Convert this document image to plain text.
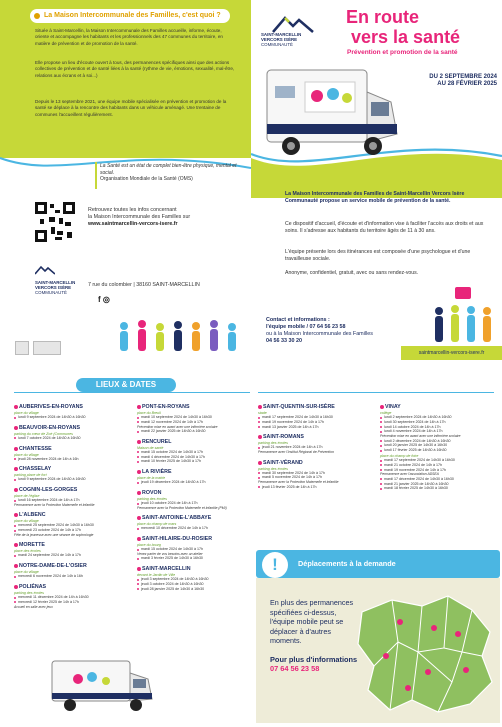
La Maison Intercommunale des Familles, c'est quoi ?
Située à Saint-Marcellin, la Maison Intercommunale des Familles accueille, informe, écoute, oriente et accompagne les habitants et les professionnels des 47 communes du territoire, en matière de prévention et de promotion de la santé.
Elle propose un lieu d'écoute ouvert à tous, des permanences spécifiques ainsi que des actions collectives de prévention et de santé liées à la santé (rythme de vie, émotions, sexualité, mal-être, relations aux écrans et à soi...)
Depuis le 13 septembre 2021, une équipe mobile spécialisée en prévention et promotion de la santé se déplace à la rencontre des habitants dans un véhicule aménagé. Une trentaine de communes l'accueillent régulièrement.
La Santé est un état de complet bien-être physique, mental et social.
Organisation Mondiale de la Santé (OMS)
Retrouvez toutes les infos concernant
la Maison Intercommunale des Familles sur
www.saintmarcellin-vercors-isere.fr
SAINT-MARCELLIN
VERCORS ISÈRE
COMMUNAUTÉ
7 rue du colombier | 38160 SAINT-MARCELLIN
f ◎
SAINT-MARCELLIN
VERCORS ISÈRE
COMMUNAUTÉ
En route
vers la santé
Prévention et promotion de la santé
DU 2 SEPTEMBRE 2024
AU 28 FÉVRIER 2025
La Maison Intercommunale des Familles de Saint-Marcellin Vercors Isère Communauté propose un service mobile de prévention de la santé.
Ce dispositif d'accueil, d'écoute et d'information vise à faciliter l'accès aux droits et aux soins. Il s'adresse aux habitants du territoire âgés de 11 à 30 ans.
L'équipe présente lors des itinérances est composée d'une psychologue et d'une travailleuse sociale.
Anonyme, confidentiel, gratuit, avec ou sans rendez-vous.
Contact et informations :
l'équipe mobile / 07 64 56 23 58
ou à la Maison Intercommunale des Familles
04 56 33 30 20
saintmarcellin-vercors-isere.fr
LIEUX & DATES
AUBERIVES-EN-ROYANS
place du village
lundi 9 septembre 2024 de 14h30 à 16h30
BEAUVOIR-EN-ROYANS
parking du cœur de Zoé (Communes
lundi 7 octobre 2024 de 14h30 à 16h30
CHANTESSE
place du village
jeudi 28 novembre 2024 de 14h à 16h
CHASSELAY
parking place de fort
lundi 9 septembre 2024 de 14h30 à 16h30
COGNIN-LES-GORGES
place de l'église
lundi 16 septembre 2024 de 14h à 17h
Permanence avec la Protection Maternelle et Infantile
L'ALBENC
place du village
mercredi 25 septembre 2024 de 14h30 à 16h30
mercredi 23 octobre 2024 de 14h à 17h
Fête de la jeunesse avec une séance de sophrologie
MORETTE
place des écoles
mardi 24 septembre 2024 de 14h à 17h
NOTRE-DAME-DE-L'OSIER
place du village
mercredi 6 novembre 2024 de 14h à 16h
POLIÉNAS
parking des écoles
mercredi 11 décembre 2024 de 14h à 16h30
mercredi 12 février 2025 de 14h à 17h
Accueil en salle avec jeux
PONT-EN-ROYANS
place du Breuil
mardi 10 septembre 2024 de 14h30 à 16h30
mardi 12 novembre 2024 de 14h à 17h
Prévention mise en avant avec une infirmière scolaire
mardi 22 janvier 2025 de 14h30 à 16h30
RENCUREL
Maison de santé
mardi 15 octobre 2024 de 14h30 à 17h
mardi 4 décembre 2024 de 14h30 à 17h
mardi 10 février 2025 de 14h30 à 17h
LA RIVIÈRE
place de la mairie
jeudi 19 décembre 2024 de 14h30 à 17h
ROVON
parking des écoles
jeudi 10 octobre 2024 de 14h à 17h
Permanence avec la Protection Maternelle et Infantile (PMI)
SAINT-ANTOINE-L'ABBAYE
place du champ de mars
mercredi 10 décembre 2024 de 14h à 17h
SAINT-HILAIRE-DU-ROSIER
place du bourg
mardi 15 octobre 2024 de 14h30 à 17h
Venez parler de vos besoins avec un atelier
mardi 3 février 2025 de 14h30 à 16h30
SAINT-MARCELLIN
devant le Jardin de Ville
jeudi 3 septembre 2024 de 14h30 à 16h30
jeudi 3 octobre 2024 de 14h30 à 16h30
jeudi 28 janvier 2025 de 14h30 à 16h30
SAINT-QUENTIN-SUR-ISÈRE
stade
mardi 17 septembre 2024 de 14h30 à 16h30
mardi 19 novembre 2024 de 14h à 17h
mardi 13 janvier 2025 de 14h à 17h
SAINT-ROMANS
parking des écoles
jeudi 21 novembre 2024 de 14h à 17h
Permanence avec l'Institut Régional de Prévention
SAINT-VÉRAND
parking des écoles
mardi 30 septembre 2024 de 14h à 17h
mardi 5 novembre 2024 de 14h à 17h
Permanence avec la Protection Maternelle et Infantile
jeudi 13 février 2025 de 14h à 17h
VINAY
collège
lundi 2 septembre 2024 de 14h30 à 16h30
lundi 30 septembre 2024 de 14h à 17h
lundi 14 octobre 2024 de 14h à 17h
lundi 4 novembre 2024 de 14h à 17h
Prévention mise en avant avec une infirmière scolaire
lundi 2 décembre 2024 de 14h30 à 16h30
lundi 20 janvier 2025 de 14h30 à 16h30
lundi 17 février 2025 de 14h30 à 16h30
place du champ de foire
mardi 17 septembre 2024 de 14h30 à 16h30
mardi 21 octobre 2024 de 14h à 17h
mardi 19 novembre 2024 de 14h à 17h
Permanence avec l'association ADSEA
mardi 17 décembre 2024 de 14h30 à 16h30
mardi 21 janvier 2025 de 14h30 à 16h30
mardi 18 février 2025 de 14h30 à 16h30
!	Déplacements à la demande
En plus des permanences spécifiées ci-dessus, l'équipe mobile peut se déplacer à d'autres moments.
Pour plus d'informations
07 64 56 23 58
